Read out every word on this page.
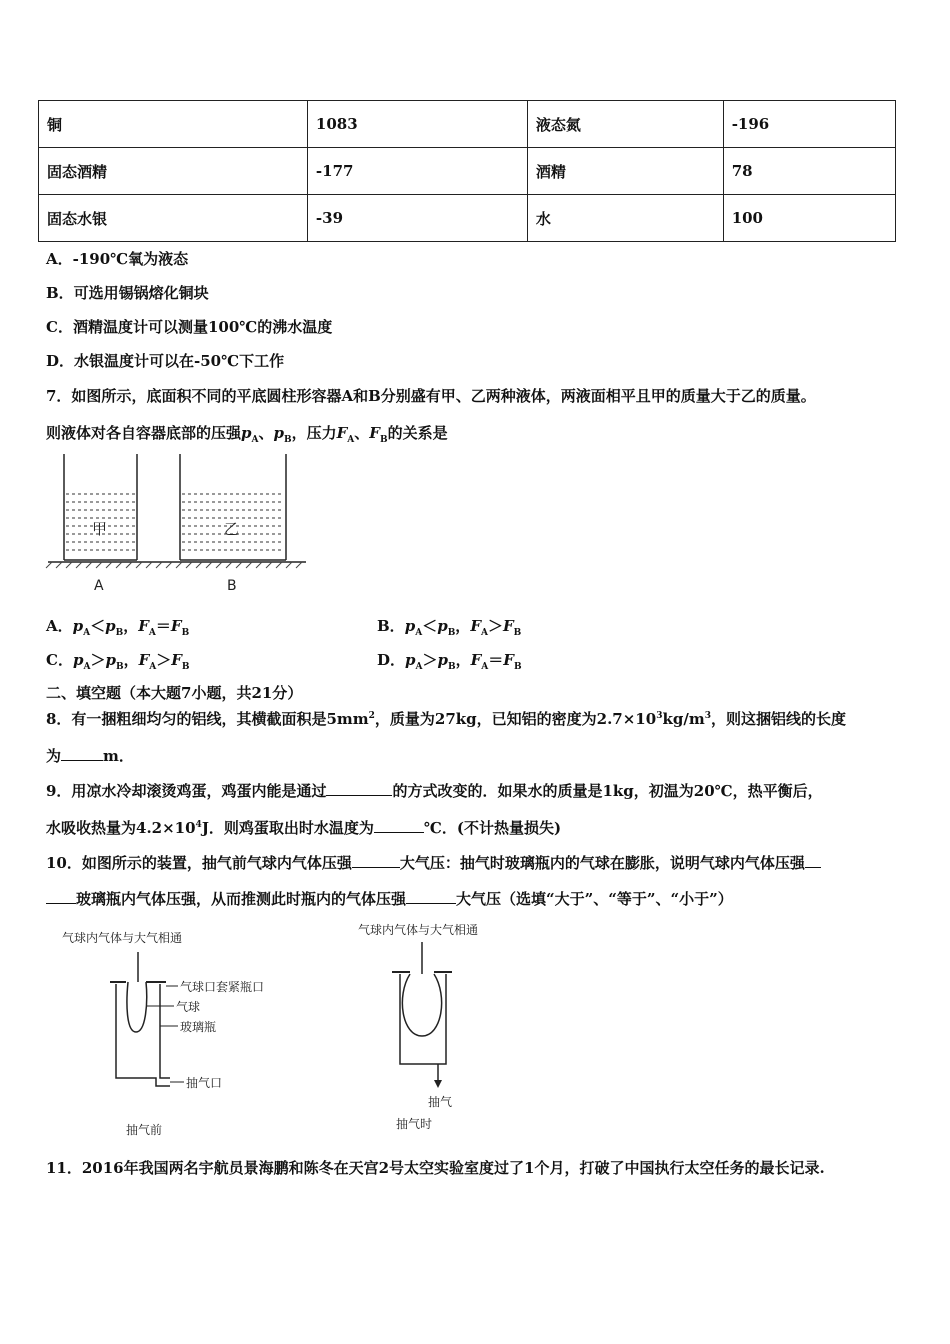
铜	1083	液态氮	-196
固态酒精	-177	酒精	78
固态水银	-39	水	100
A．-190℃氧为液态
B．可选用锡锅熔化铜块
C．酒精温度计可以测量100℃的沸水温度
D．水银温度计可以在-50℃下工作
7．如图所示，底面积不同的平底圆柱形容器A和B分别盛有甲、乙两种液体，两液面相平且甲的质量大于乙的质量。
则液体对各自容器底部的压强$p_A$、$p_B$，压力$F_A$、$F_B$的关系是
甲	乙
A	B
A．$p_A<p_B$，$F_A=F_B$	B．$p_A<p_B$，$F_A>F_B$
C．$p_A>p_B$，$F_A>F_B$	D．$p_A>p_B$，$F_A=F_B$
二、填空题（本大题7小题，共21分）
8．有一捆粗细均匀的铝线，其横截面积是$5mm^2$，质量为27kg，已知铝的密度为$2.7\times 10^3kg/m^3$，则这捆铝线的长度
为	m．
9．用凉水冷却滚烫鸡蛋，鸡蛋内能是通过	的方式改变的．如果水的质量是1kg，初温为20℃，热平衡后，
水吸收热量为$4.2\times 10^4J$．则鸡蛋取出时水温度为	℃．(不计热量损失)
10．如图所示的装置，抽气前气球内气体压强	大气压：抽气时玻璃瓶内的气球在膨胀，说明气球内气体压强
玻璃瓶内气体压强，从而推测此时瓶内的气体压强	大气压（选填“大于”、“等于”、“小于”）
气球内气体与大气相通
气球口套紧瓶口
气球
玻璃瓶
抽气口
抽气前
气球内气体与大气相通
抽气
抽气时
11．2016年我国两名宇航员景海鹏和陈冬在天宫2号太空实验室度过了1个月，打破了中国执行太空任务的最长记录.
